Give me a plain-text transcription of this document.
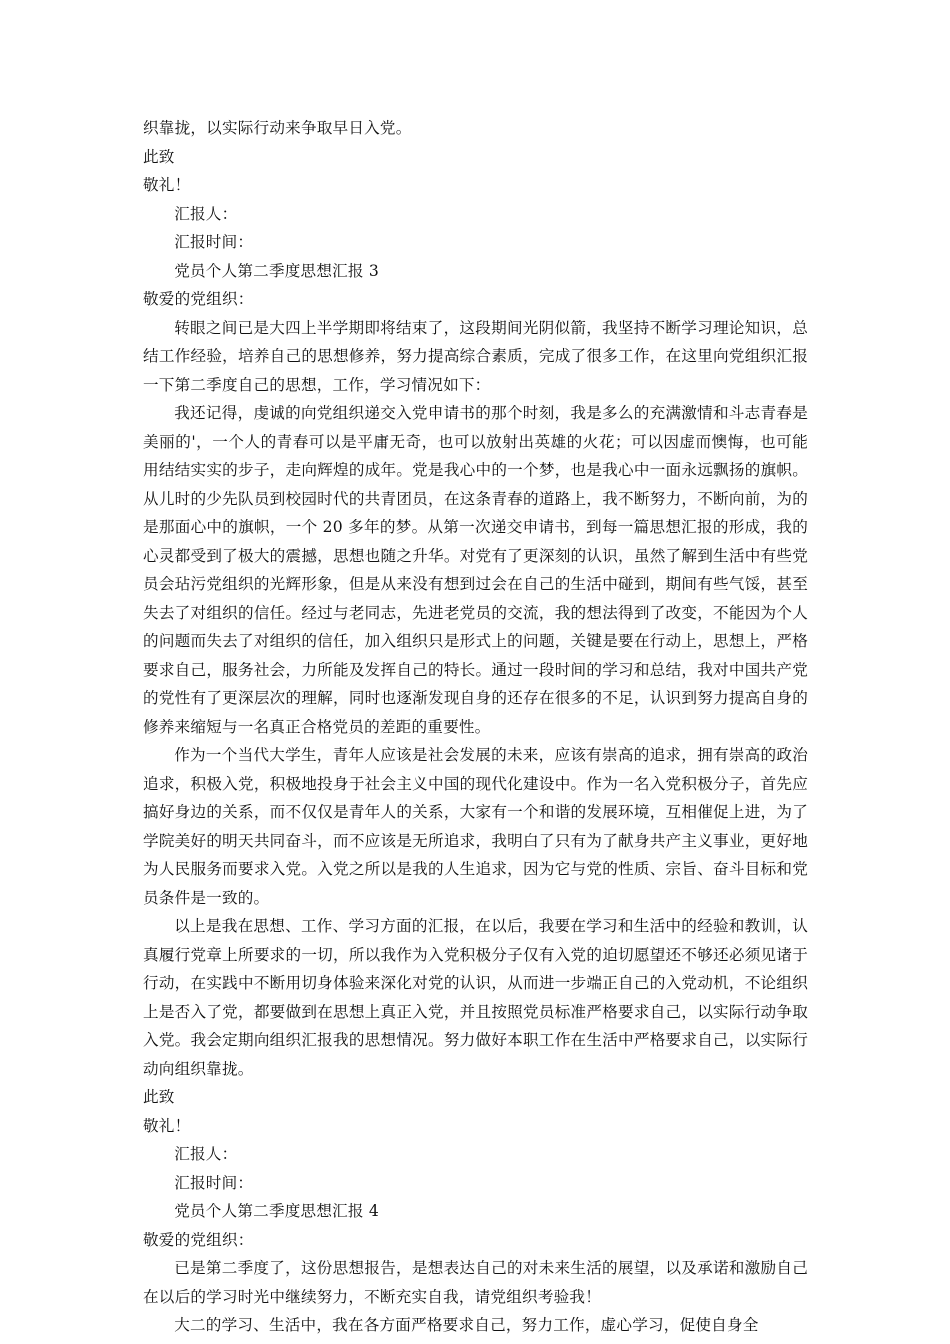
织靠拢，以实际行动来争取早日入党。

此致

敬礼！

汇报人：

汇报时间：

党员个人第二季度思想汇报 3

敬爱的党组织：

转眼之间已是大四上半学期即将结束了，这段期间光阴似箭，我坚持不断学习理论知识，总结工作经验，培养自己的思想修养，努力提高综合素质，完成了很多工作，在这里向党组织汇报一下第二季度自己的思想，工作，学习情况如下：

我还记得，虔诚的向党组织递交入党申请书的那个时刻，我是多么的充满激情和斗志青春是美丽的'，一个人的青春可以是平庸无奇，也可以放射出英雄的火花；可以因虚而懊悔，也可能用结结实实的步子，走向辉煌的成年。党是我心中的一个梦，也是我心中一面永远飘扬的旗帜。从儿时的少先队员到校园时代的共青团员，在这条青春的道路上，我不断努力，不断向前，为的是那面心中的旗帜，一个 20 多年的梦。从第一次递交申请书，到每一篇思想汇报的形成，我的心灵都受到了极大的震撼，思想也随之升华。对党有了更深刻的认识，虽然了解到生活中有些党员会玷污党组织的光辉形象，但是从来没有想到过会在自己的生活中碰到，期间有些气馁，甚至失去了对组织的信任。经过与老同志，先进老党员的交流，我的想法得到了改变，不能因为个人的问题而失去了对组织的信任，加入组织只是形式上的问题，关键是要在行动上，思想上，严格要求自己，服务社会，力所能及发挥自己的特长。通过一段时间的学习和总结，我对中国共产党的党性有了更深层次的理解，同时也逐渐发现自身的还存在很多的不足，认识到努力提高自身的修养来缩短与一名真正合格党员的差距的重要性。

作为一个当代大学生，青年人应该是社会发展的未来，应该有崇高的追求，拥有崇高的政治追求，积极入党，积极地投身于社会主义中国的现代化建设中。作为一名入党积极分子，首先应搞好身边的关系，而不仅仅是青年人的关系，大家有一个和谐的发展环境，互相催促上进，为了学院美好的明天共同奋斗，而不应该是无所追求，我明白了只有为了献身共产主义事业，更好地为人民服务而要求入党。入党之所以是我的人生追求，因为它与党的性质、宗旨、奋斗目标和党员条件是一致的。

以上是我在思想、工作、学习方面的汇报，在以后，我要在学习和生活中的经验和教训，认真履行党章上所要求的一切，所以我作为入党积极分子仅有入党的迫切愿望还不够还必须见诸于行动，在实践中不断用切身体验来深化对党的认识，从而进一步端正自己的入党动机，不论组织上是否入了党，都要做到在思想上真正入党，并且按照党员标准严格要求自己，以实际行动争取入党。我会定期向组织汇报我的思想情况。努力做好本职工作在生活中严格要求自己，以实际行动向组织靠拢。

此致

敬礼！

汇报人：

汇报时间：

党员个人第二季度思想汇报 4

敬爱的党组织：

已是第二季度了，这份思想报告，是想表达自己的对未来生活的展望，以及承诺和激励自己在以后的学习时光中继续努力，不断充实自我，请党组织考验我！

大二的学习、生活中，我在各方面严格要求自己，努力工作，虚心学习，促使自身全
